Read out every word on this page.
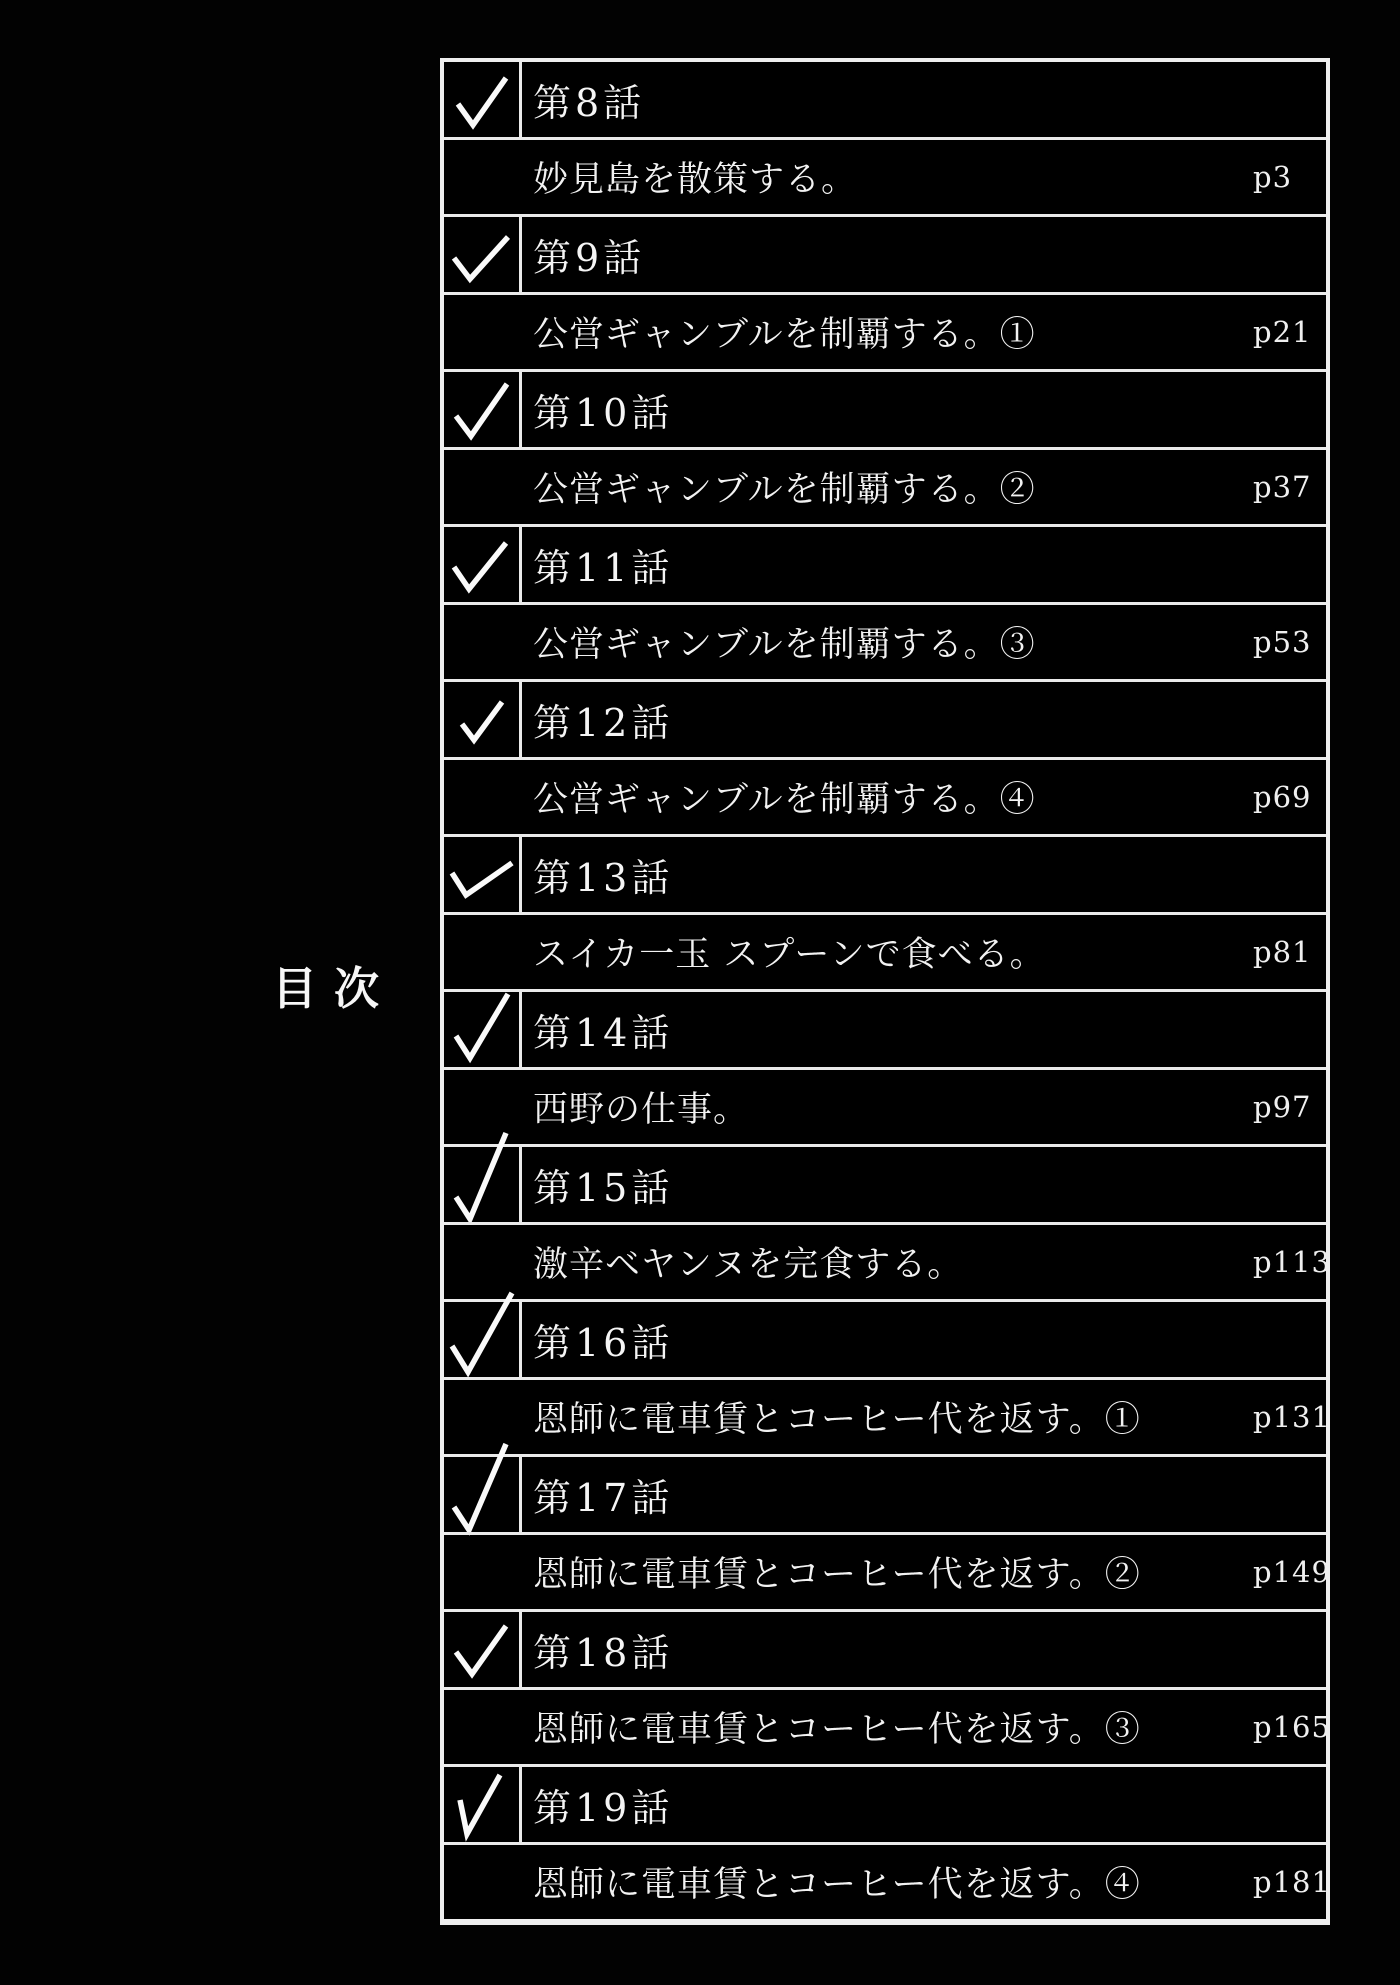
目次
第8話
妙見島を散策する。	p3
第9話
公営ギャンブルを制覇する。①	p21
第10話
公営ギャンブルを制覇する。②	p37
第11話
公営ギャンブルを制覇する。③	p53
第12話
公営ギャンブルを制覇する。④	p69
第13話
スイカ一玉 スプーンで食べる。	p81
第14話
西野の仕事。	p97
第15話
激辛ベヤンヌを完食する。	p113
第16話
恩師に電車賃とコーヒー代を返す。①	p131
第17話
恩師に電車賃とコーヒー代を返す。②	p149
第18話
恩師に電車賃とコーヒー代を返す。③	p165
第19話
恩師に電車賃とコーヒー代を返す。④	p181
